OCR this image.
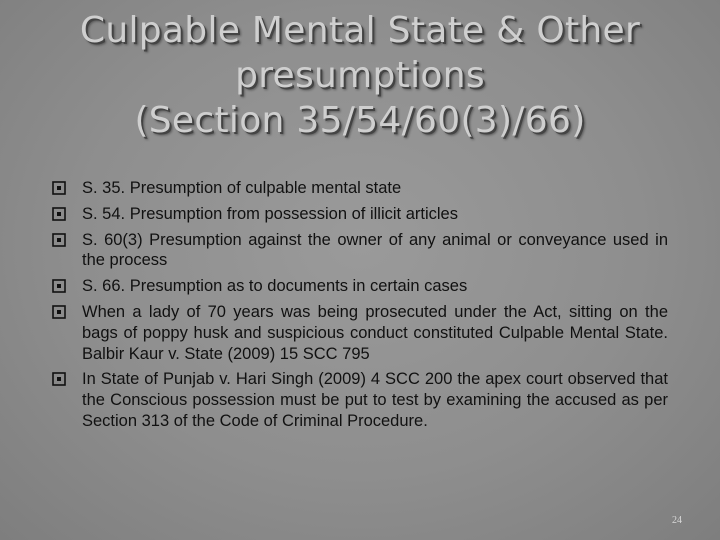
Culpable Mental State & Other
presumptions
(Section 35/54/60(3)/66)
S. 35. Presumption of culpable mental state
S. 54. Presumption from possession of illicit articles
S. 60(3) Presumption against the owner of any animal or conveyance used in the process
S. 66. Presumption as to documents in certain cases
When a lady of 70 years was being prosecuted under the Act, sitting on the bags of poppy husk and suspicious conduct constituted Culpable Mental State. Balbir Kaur v. State (2009) 15 SCC 795
In State of Punjab v. Hari Singh (2009) 4 SCC 200 the apex court observed that the Conscious possession must be put to test by examining the accused as per Section 313 of the Code of Criminal Procedure.
24
